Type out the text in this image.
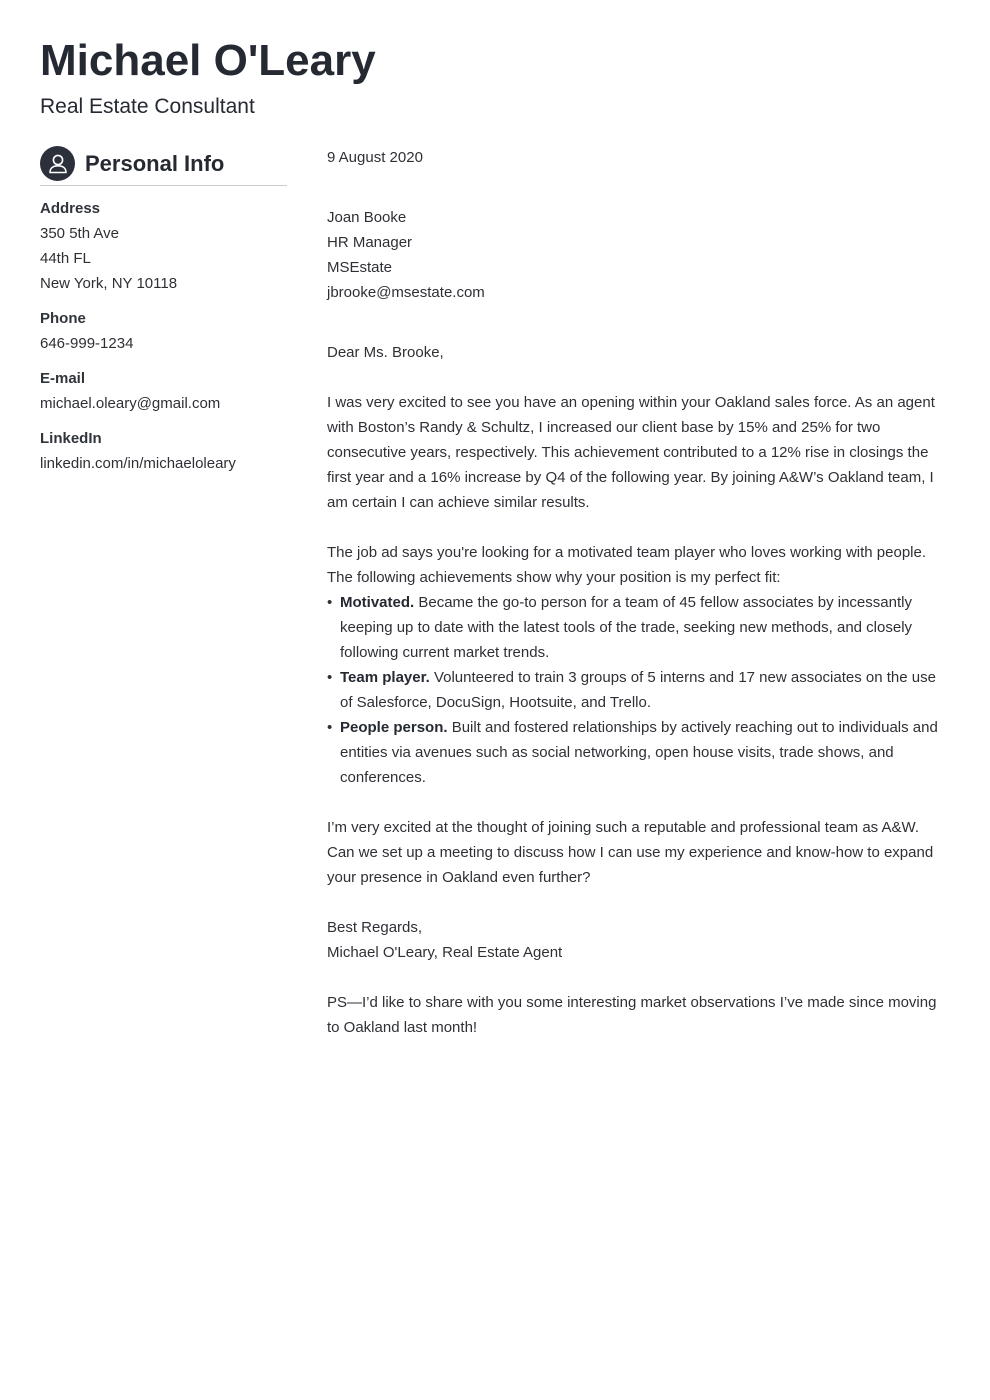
Michael O'Leary
Real Estate Consultant
Personal Info
Address
350 5th Ave
44th FL
New York, NY 10118
Phone
646-999-1234
E-mail
michael.oleary@gmail.com
LinkedIn
linkedin.com/in/michaeloleary

9 August 2020

Joan Booke

HR Manager

MSEstate

jbrooke@msestate.com

Dear Ms. Brooke,

I was very excited to see you have an opening within your Oakland sales force. As an agent with Boston’s Randy & Schultz, I increased our client base by 15% and 25% for two consecutive years, respectively. This achievement contributed to a 12% rise in closings the first year and a 16% increase by Q4 of the following year. By joining A&W’s Oakland team, I am certain I can achieve similar results.

The job ad says you're looking for a motivated team player who loves working with people. The following achievements show why your position is my perfect fit:

• Motivated. Became the go-to person for a team of 45 fellow associates by incessantly keeping up to date with the latest tools of the trade, seeking new methods, and closely following current market trends.
• Team player. Volunteered to train 3 groups of 5 interns and 17 new associates on the use of Salesforce, DocuSign, Hootsuite, and Trello.
• People person. Built and fostered relationships by actively reaching out to individuals and entities via avenues such as social networking, open house visits, trade shows, and conferences.

I’m very excited at the thought of joining such a reputable and professional team as A&W. Can we set up a meeting to discuss how I can use my experience and know-how to expand your presence in Oakland even further?

Best Regards,

Michael O'Leary, Real Estate Agent

PS—I’d like to share with you some interesting market observations I’ve made since moving to Oakland last month!
